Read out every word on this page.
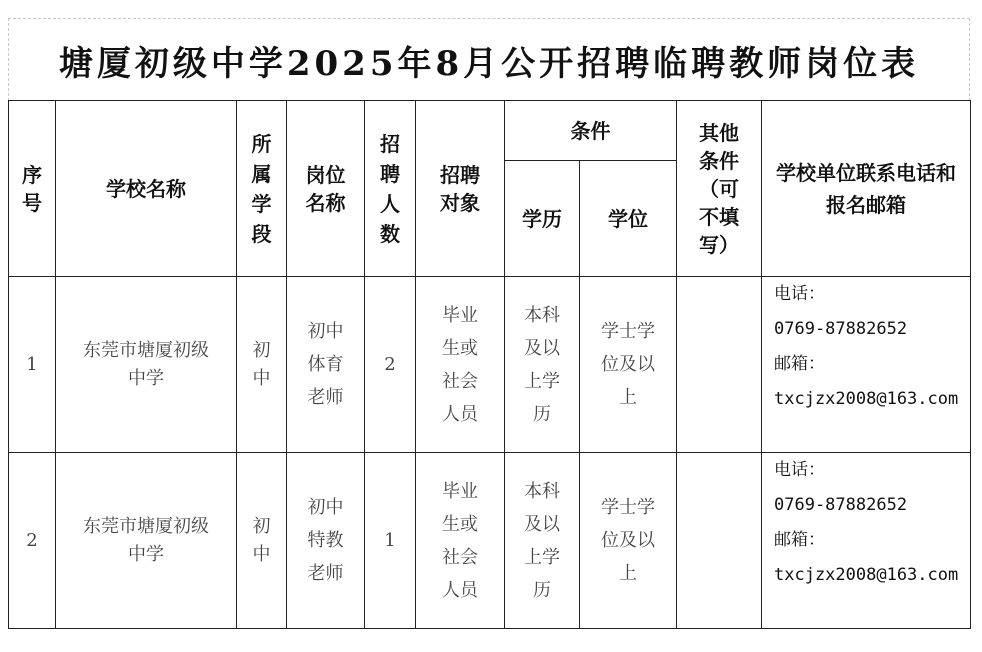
塘厦初级中学2025年8月公开招聘临聘教师岗位表
序号	学校名称	所属学段	岗位名称	招聘人数	招聘对象	条件		其他条件（可不填写）	学校单位联系电话和报名邮箱

						学历	学位		
1	东莞市塘厦初级中学	初中	初中体育老师	2	毕业生或社会人员	本科及以上学历	学士学位及以上		电话：
0769-87882652
邮箱：
txcjzx2008@163.com

2	东莞市塘厦初级中学	初中	初中特教老师	1	毕业生或社会人员	本科及以上学历	学士学位及以上		电话：
0769-87882652
邮箱：
txcjzx2008@163.com
